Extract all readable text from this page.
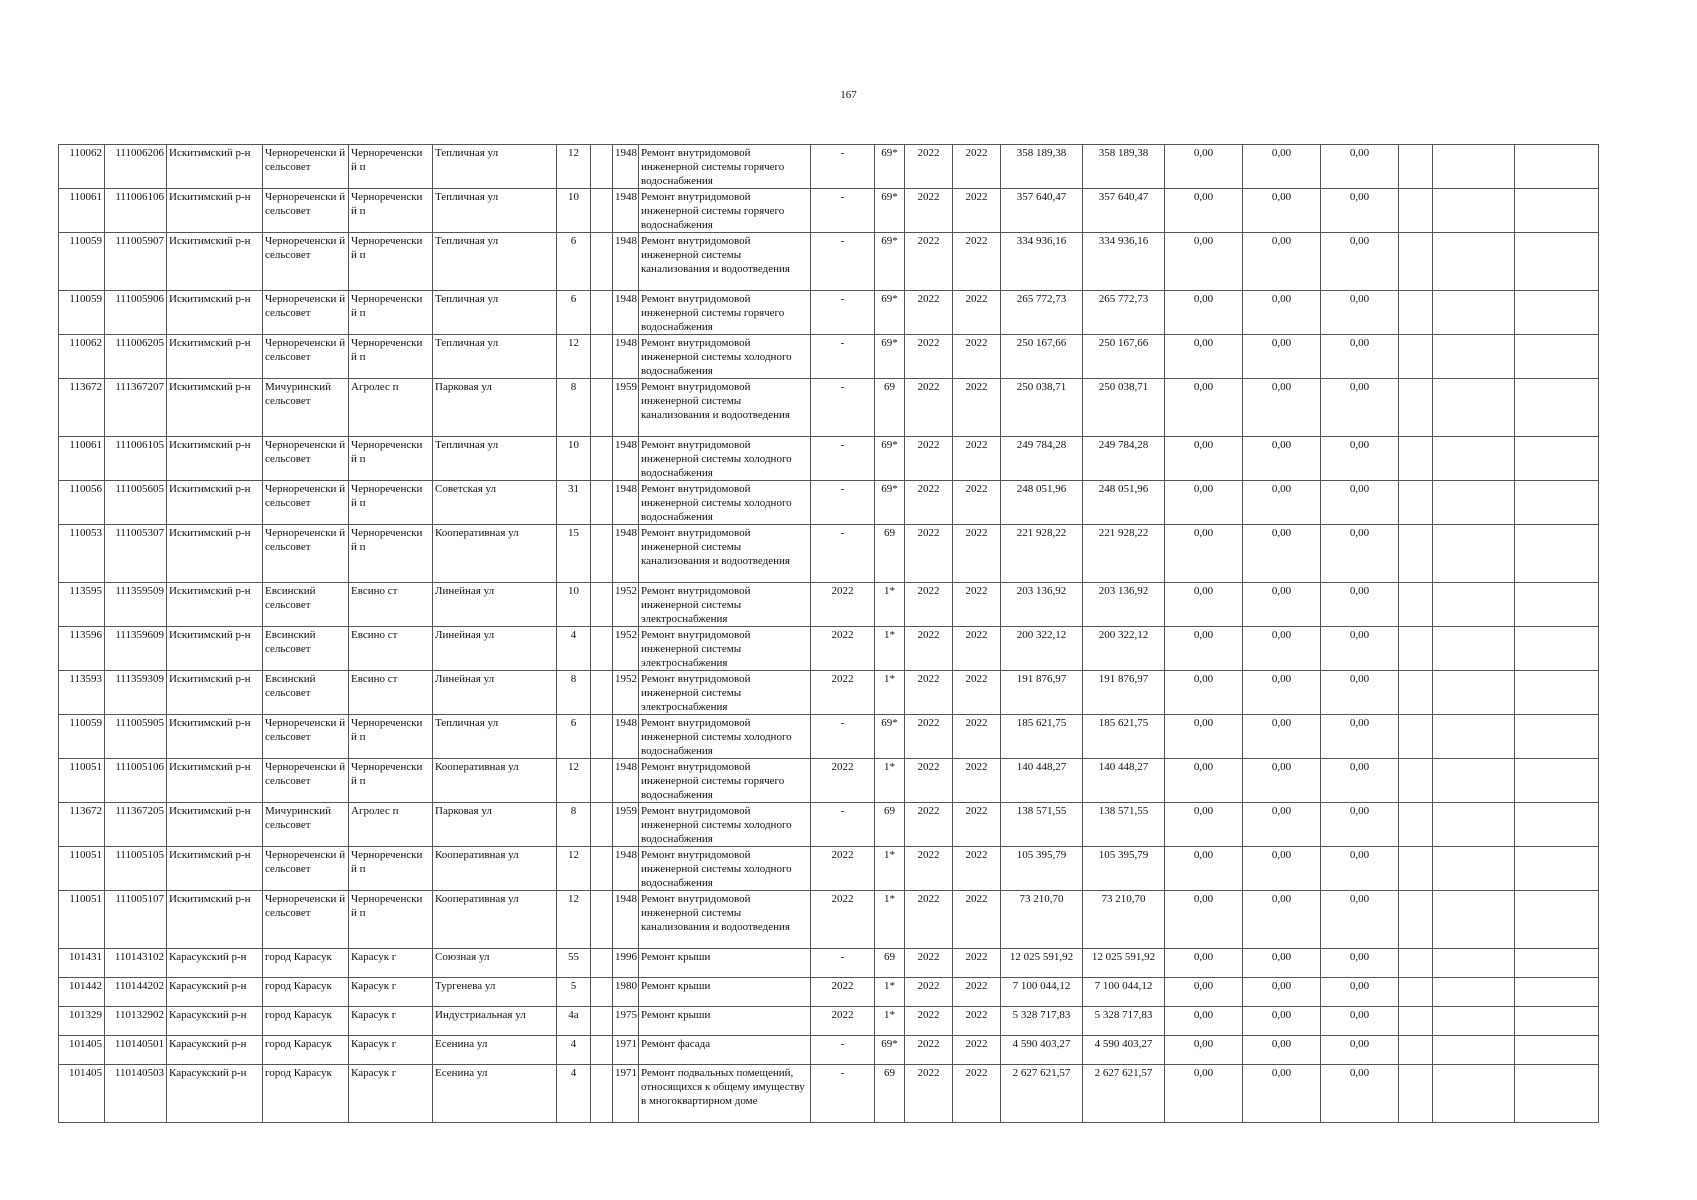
167
110062	111006206	Искитимский р-н	Чернореченски й сельсовет	Чернореченски й п	Тепличная ул	12		1948	Ремонт внутридомовой инженерной системы горячего водоснабжения	-	69*	2022	2022	358 189,38	358 189,38	0,00	0,00	0,00			
110061	111006106	Искитимский р-н	Чернореченски й сельсовет	Чернореченски й п	Тепличная ул	10		1948	Ремонт внутридомовой инженерной системы горячего водоснабжения	-	69*	2022	2022	357 640,47	357 640,47	0,00	0,00	0,00			
110059	111005907	Искитимский р-н	Чернореченски й сельсовет	Чернореченски й п	Тепличная ул	6		1948	Ремонт внутридомовой инженерной системы канализования и водоотведения	-	69*	2022	2022	334 936,16	334 936,16	0,00	0,00	0,00			
110059	111005906	Искитимский р-н	Чернореченски й сельсовет	Чернореченски й п	Тепличная ул	6		1948	Ремонт внутридомовой инженерной системы горячего водоснабжения	-	69*	2022	2022	265 772,73	265 772,73	0,00	0,00	0,00			
110062	111006205	Искитимский р-н	Чернореченски й сельсовет	Чернореченски й п	Тепличная ул	12		1948	Ремонт внутридомовой инженерной системы холодного водоснабжения	-	69*	2022	2022	250 167,66	250 167,66	0,00	0,00	0,00			
113672	111367207	Искитимский р-н	Мичуринский сельсовет	Агролес п	Парковая ул	8		1959	Ремонт внутридомовой инженерной системы канализования и водоотведения	-	69	2022	2022	250 038,71	250 038,71	0,00	0,00	0,00			
110061	111006105	Искитимский р-н	Чернореченски й сельсовет	Чернореченски й п	Тепличная ул	10		1948	Ремонт внутридомовой инженерной системы холодного водоснабжения	-	69*	2022	2022	249 784,28	249 784,28	0,00	0,00	0,00			
110056	111005605	Искитимский р-н	Чернореченски й сельсовет	Чернореченски й п	Советская ул	31		1948	Ремонт внутридомовой инженерной системы холодного водоснабжения	-	69*	2022	2022	248 051,96	248 051,96	0,00	0,00	0,00			
110053	111005307	Искитимский р-н	Чернореченски й сельсовет	Чернореченски й п	Кооперативная ул	15		1948	Ремонт внутридомовой инженерной системы канализования и водоотведения	-	69	2022	2022	221 928,22	221 928,22	0,00	0,00	0,00			
113595	111359509	Искитимский р-н	Евсинский сельсовет	Евсино ст	Линейная ул	10		1952	Ремонт внутридомовой инженерной системы электроснабжения	2022	1*	2022	2022	203 136,92	203 136,92	0,00	0,00	0,00			
113596	111359609	Искитимский р-н	Евсинский сельсовет	Евсино ст	Линейная ул	4		1952	Ремонт внутридомовой инженерной системы электроснабжения	2022	1*	2022	2022	200 322,12	200 322,12	0,00	0,00	0,00			
113593	111359309	Искитимский р-н	Евсинский сельсовет	Евсино ст	Линейная ул	8		1952	Ремонт внутридомовой инженерной системы электроснабжения	2022	1*	2022	2022	191 876,97	191 876,97	0,00	0,00	0,00			
110059	111005905	Искитимский р-н	Чернореченски й сельсовет	Чернореченски й п	Тепличная ул	6		1948	Ремонт внутридомовой инженерной системы холодного водоснабжения	-	69*	2022	2022	185 621,75	185 621,75	0,00	0,00	0,00			
110051	111005106	Искитимский р-н	Чернореченски й сельсовет	Чернореченски й п	Кооперативная ул	12		1948	Ремонт внутридомовой инженерной системы горячего водоснабжения	2022	1*	2022	2022	140 448,27	140 448,27	0,00	0,00	0,00			
113672	111367205	Искитимский р-н	Мичуринский сельсовет	Агролес п	Парковая ул	8		1959	Ремонт внутридомовой инженерной системы холодного водоснабжения	-	69	2022	2022	138 571,55	138 571,55	0,00	0,00	0,00			
110051	111005105	Искитимский р-н	Чернореченски й сельсовет	Чернореченски й п	Кооперативная ул	12		1948	Ремонт внутридомовой инженерной системы холодного водоснабжения	2022	1*	2022	2022	105 395,79	105 395,79	0,00	0,00	0,00			
110051	111005107	Искитимский р-н	Чернореченски й сельсовет	Чернореченски й п	Кооперативная ул	12		1948	Ремонт внутридомовой инженерной системы канализования и водоотведения	2022	1*	2022	2022	73 210,70	73 210,70	0,00	0,00	0,00			
101431	110143102	Карасукский р-н	город Карасук	Карасук г	Союзная ул	55		1996	Ремонт крыши	-	69	2022	2022	12 025 591,92	12 025 591,92	0,00	0,00	0,00			
101442	110144202	Карасукский р-н	город Карасук	Карасук г	Тургенева ул	5		1980	Ремонт крыши	2022	1*	2022	2022	7 100 044,12	7 100 044,12	0,00	0,00	0,00			
101329	110132902	Карасукский р-н	город Карасук	Карасук г	Индустриальная ул	4а		1975	Ремонт крыши	2022	1*	2022	2022	5 328 717,83	5 328 717,83	0,00	0,00	0,00			
101405	110140501	Карасукский р-н	город Карасук	Карасук г	Есенина ул	4		1971	Ремонт фасада	-	69*	2022	2022	4 590 403,27	4 590 403,27	0,00	0,00	0,00			
101405	110140503	Карасукский р-н	город Карасук	Карасук г	Есенина ул	4		1971	Ремонт подвальных помещений, относящихся к общему имуществу в многоквартирном доме	-	69	2022	2022	2 627 621,57	2 627 621,57	0,00	0,00	0,00			
